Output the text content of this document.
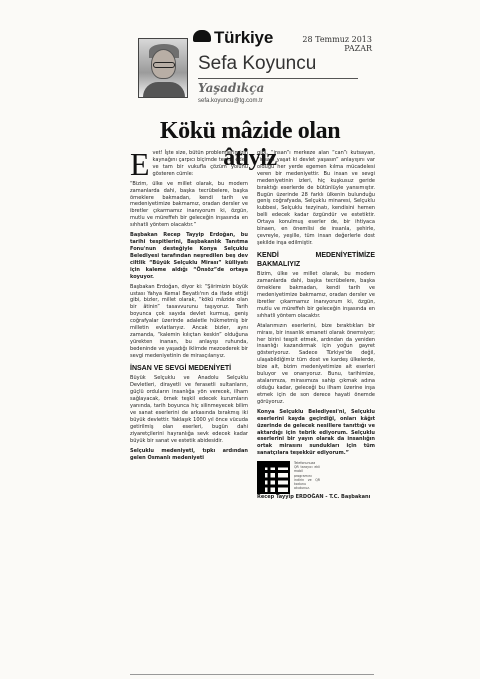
Türkiye	28 Temmuz 2013 PAZAR
Sefa Koyuncu
Yaşadıkça
sefa.koyuncu@tg.com.tr
Kökü mâzide olan âtiyiz

Evet! İşte size, bütün problemlerimizin kaynağını çarpıcı biçimde teşhis eden ve tam bir vukufla çözüm yolunu gösteren cümle:

“Bizim, ülke ve millet olarak, bu modern zamanlarda dahi, başka tecrübelere, başka örneklere bakmadan, kendi tarih ve medeniyetimize bakmamız, oradan dersler ve ibretler çıkarmamız inanıyorum ki, özgün, mutlu ve müreffeh bir geleceğin inşasında en sıhhatli yöntem olacaktır.”

Başbakan Recep Tayyip Erdoğan, bu tarihi tespitlerini, Başbakanlık Tanıtma Fonu'nun desteğiyle Konya Selçuklu Belediyesi tarafından neşredilen beş dev ciltlik “Büyük Selçuklu Mirası” külliyatı için kaleme aldığı “Önsöz”de ortaya koyuyor.

Başbakan Erdoğan, diyor ki: “Şiirimizin büyük ustası Yahya Kemal Beyatlı'nın da ifade ettiği gibi, bizler, millet olarak, “kökü mâzide olan bir âtinin” tasavvurunu taşıyoruz. Tarih boyunca çok sayıda devlet kurmuş, geniş coğrafyalar üzerinde adaletle hükmetmiş bir milletin evlatlarıyız. Ancak bizler, aynı zamanda, “kalemin kılıçtan keskin” olduğuna yürekten inanan, bu anlayışı ruhunda, bedeninde ve yaşadığı iklimde mezcederek bir sevgi medeniyetinin de mirasçılarıyız.

İNSAN VE SEVGİ MEDENİYETİ

Büyük Selçuklu ve Anadolu Selçuklu Devletleri, dirayetli ve ferasetli sultanların, güçlü orduların insanlığa yön verecek, ilham sağlayacak, örnek teşkil edecek kurumların yanında, tarih boyunca hiç silinmeyecek bilim ve sanat eserlerini de arkasında bırakmış iki büyük devlettir. Yaklaşık 1000 yıl önce vücuda getirilmiş olan eserleri, bugün dahi ziyaretçilerini hayranlığa sevk edecek kadar büyük bir sanat ve estetik abidesidir.

Selçuklu medeniyeti, tıpkı ardından gelen Osmanlı medeniyeti

gibi, “insan”ı merkeze alan “can”ı kutsayan, “insanı yaşat ki devlet yaşasın” anlayışını var olduğu her yerde egemen kılma mücadelesi veren bir medeniyettir. Bu insan ve sevgi medeniyetinin izleri, hiç kuşkusuz geride bıraktığı eserlerde de bütünlüyle yansımıştır. Bugün üzerinde 28 farklı ülkenin bulunduğu geniş coğrafyada, Selçuklu minaresi, Selçuklu kubbesi, Selçuklu tezyinatı, kendisini hemen belli edecek kadar özgündür ve estetiktir. Ortaya konulmuş eserler de, bir ihtiyaca binaen, en önemlisi de insanla, şehirle, çevreyle, yeşille, tüm insan değerlerle dost şekilde inşa edilmiştir.

KENDİ MEDENİYETİMİZE BAKMALIYIZ

Bizim, ülke ve millet olarak, bu modern zamanlarda dahi, başka tecrübelere, başka örneklere bakmadan, kendi tarih ve medeniyetimize bakmamız, oradan dersler ve ibretler çıkarmamız inanıyorum ki, özgün, mutlu ve müreffeh bir geleceğin inşasında en sıhhatli yöntem olacaktır.

Atalarımızın eserlerini, bize bıraktıkları bir mirası, bir insanlık emaneti olarak önemsiyor; her birini tespit etmek, ardından da yeniden insanlığı kazandırmak için yoğun gayret gösteriyoruz. Sadece Türkiye'de değil, ulaşabildiğimiz tüm dost ve kardeş ülkelerde, bize ait, bizim medeniyetimize ait eserleri buluyor ve onarıyoruz. Bunu, tarihimize, atalarımıza, mirasımıza sahip çıkmak adına olduğu kadar, geleceği bu ilham üzerine inşa etmek için de son derece hayati önemde görüyoruz.

Konya Selçuklu Belediyesi'ni, Selçuklu eserlerini kayda geçirdiği, onları kâğıt üzerinde de gelecek nesillere tanıttığı ve aktardığı için tebrik ediyorum. Selçuklu eserlerini bir yayın olarak da insanlığın ortak mirasını sundukları için tüm sanatçılara teşekkür ediyorum.”

Telefonunuza QR tarayıcı ekli mobil programını indirin ve QR kodunu okutunuz.

Recep Tayyip ERDOĞAN - T.C. Başbakanı
